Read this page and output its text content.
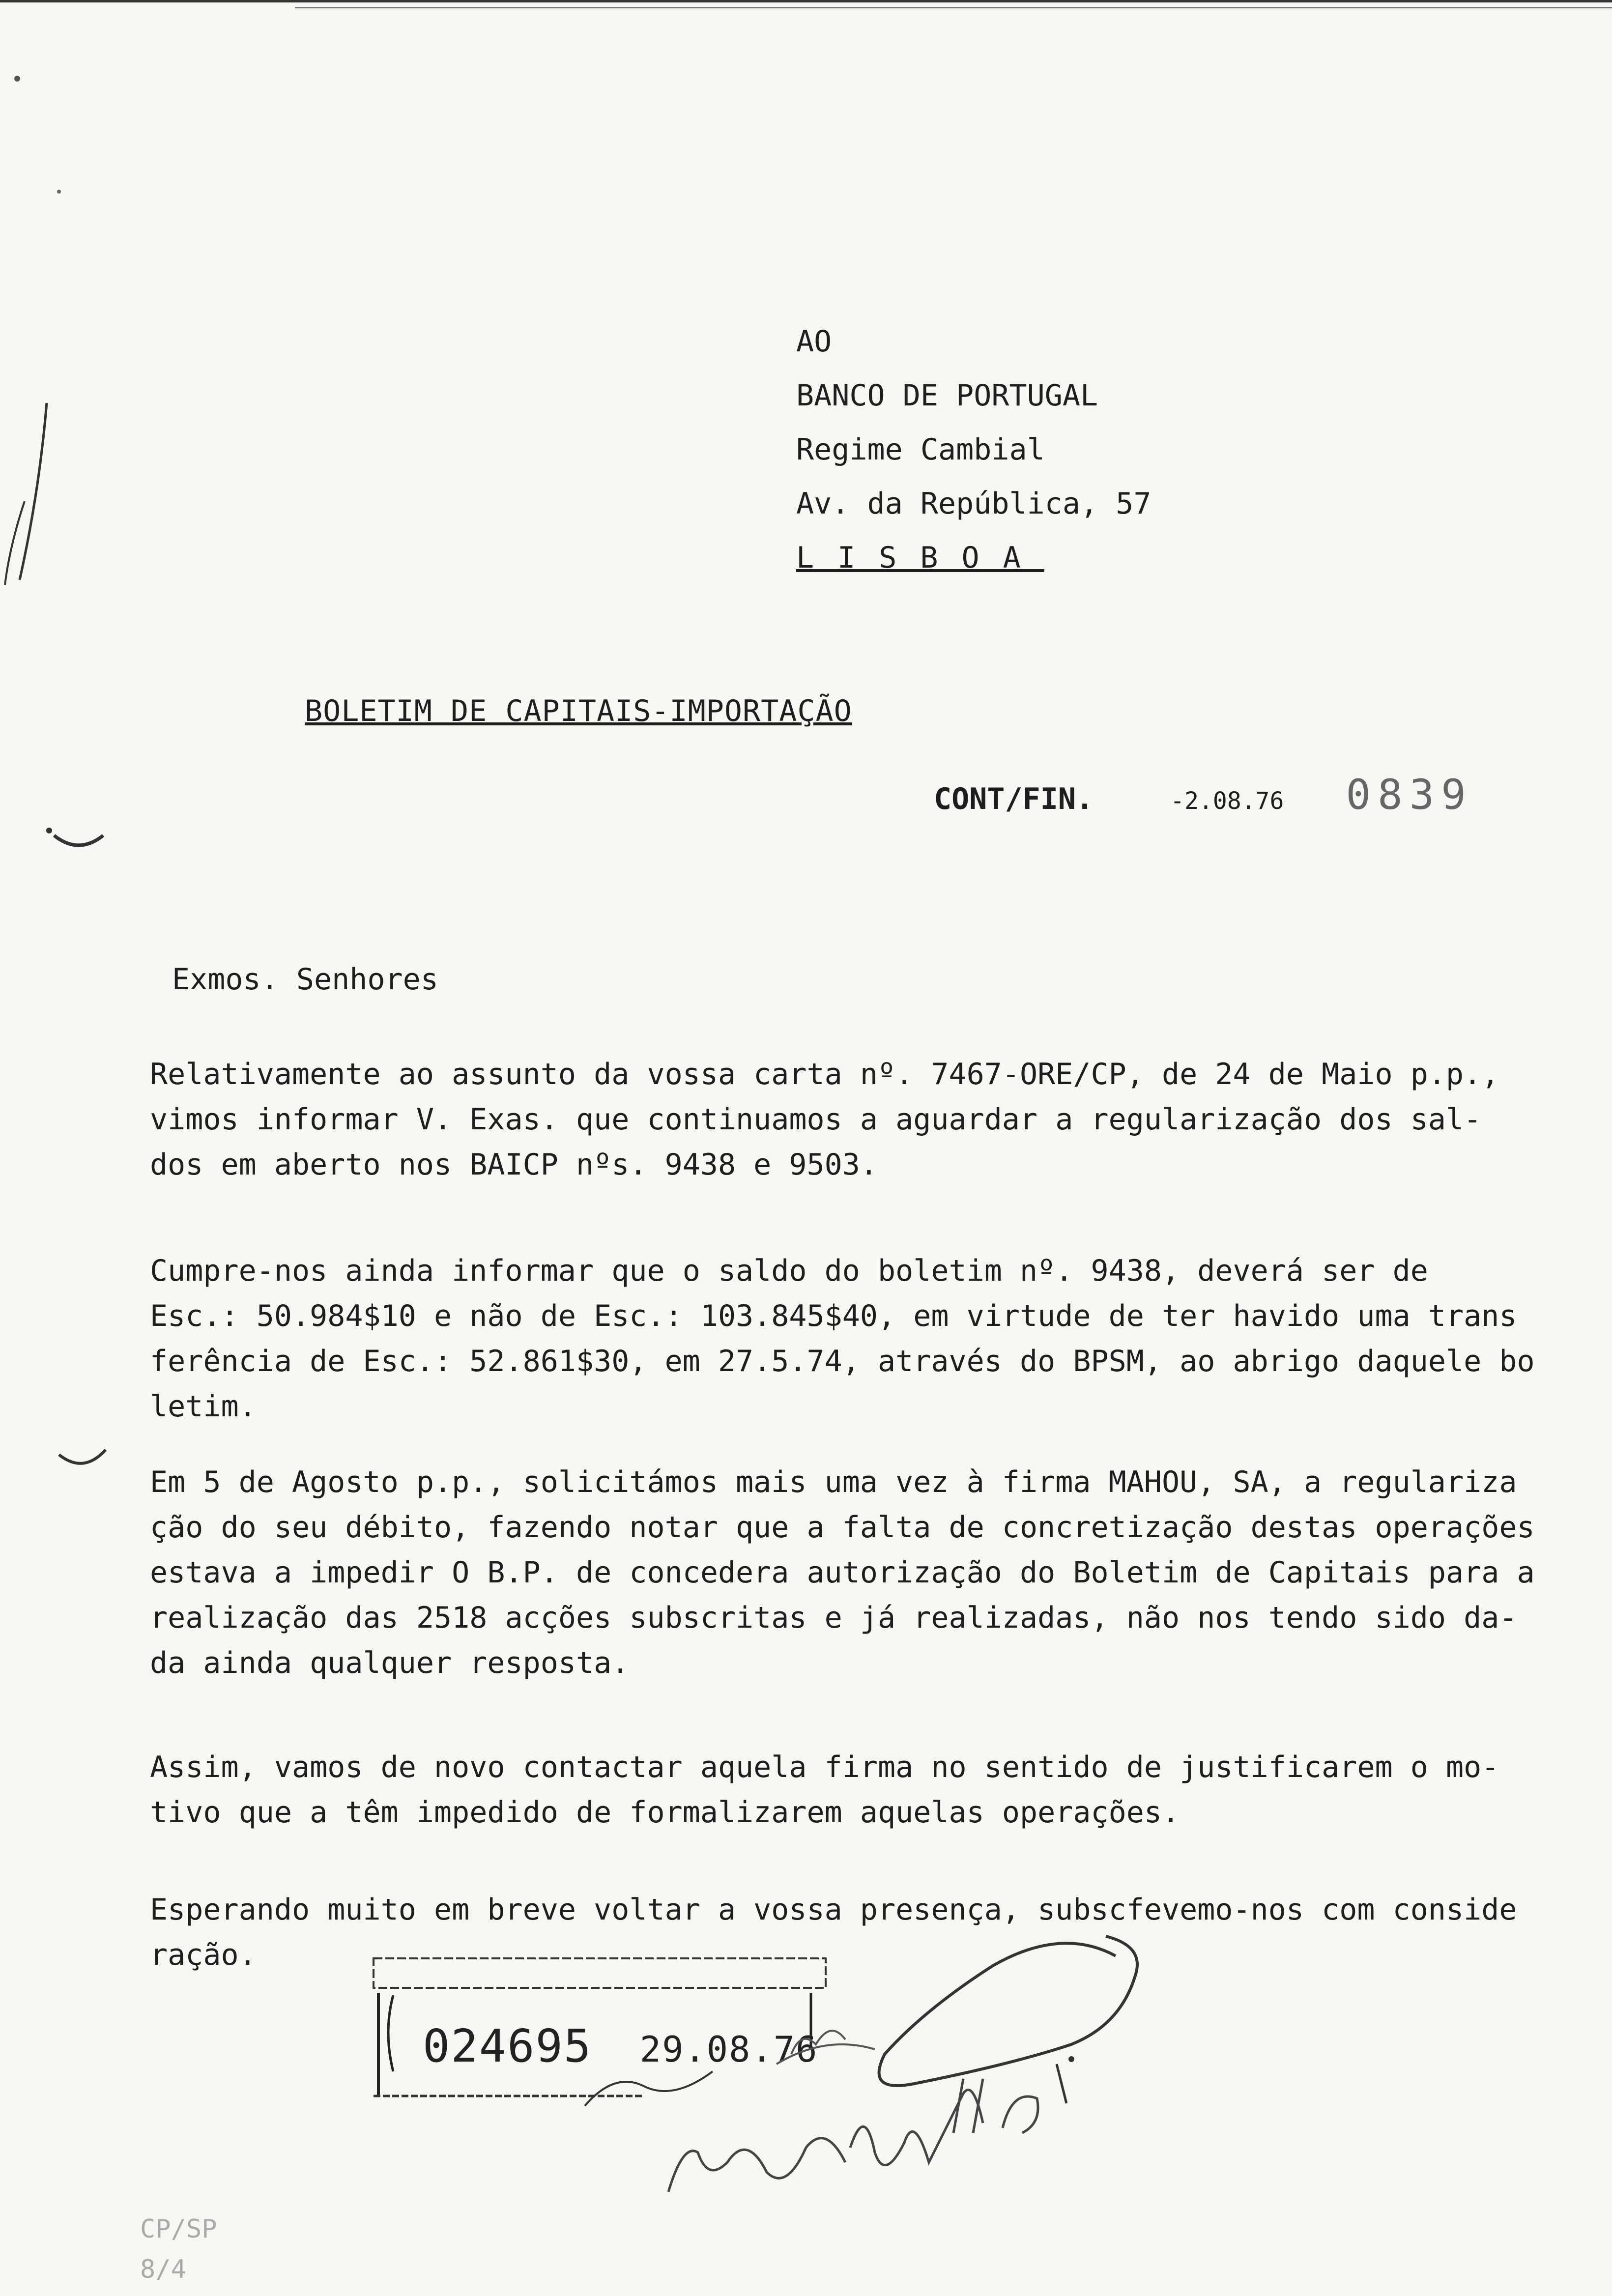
AO
BANCO DE PORTUGAL
Regime Cambial
Av. da República, 57
LISBOA
BOLETIM DE CAPITAIS-IMPORTAÇÃO
CONT/FIN.	-2.08.76 0839
Exmos. Senhores
Relativamente ao assunto da vossa carta nº. 7467-ORE/CP, de 24 de Maio p.p.,
vimos informar V. Exas. que continuamos a aguardar a regularização dos sal-
dos em aberto nos BAICP nºs. 9438 e 9503.
Cumpre-nos ainda informar que o saldo do boletim nº. 9438, deverá ser de
Esc.: 50.984$10 e não de Esc.: 103.845$40, em virtude de ter havido uma trans
ferência de Esc.: 52.861$30, em 27.5.74, através do BPSM, ao abrigo daquele bo
letim.
Em 5 de Agosto p.p., solicitámos mais uma vez à firma MAHOU, SA, a regulariza
ção do seu débito, fazendo notar que a falta de concretização destas operações
estava a impedir O B.P. de concedera autorização do Boletim de Capitais para a
realização das 2518 acções subscritas e já realizadas, não nos tendo sido da-
da ainda qualquer resposta.
Assim, vamos de novo contactar aquela firma no sentido de justificarem o mo-
tivo que a têm impedido de formalizarem aquelas operações.
Esperando muito em breve voltar a vossa presença, subscfevemo-nos com conside
ração.
024695 29.08.76
CP/SP
8/4
